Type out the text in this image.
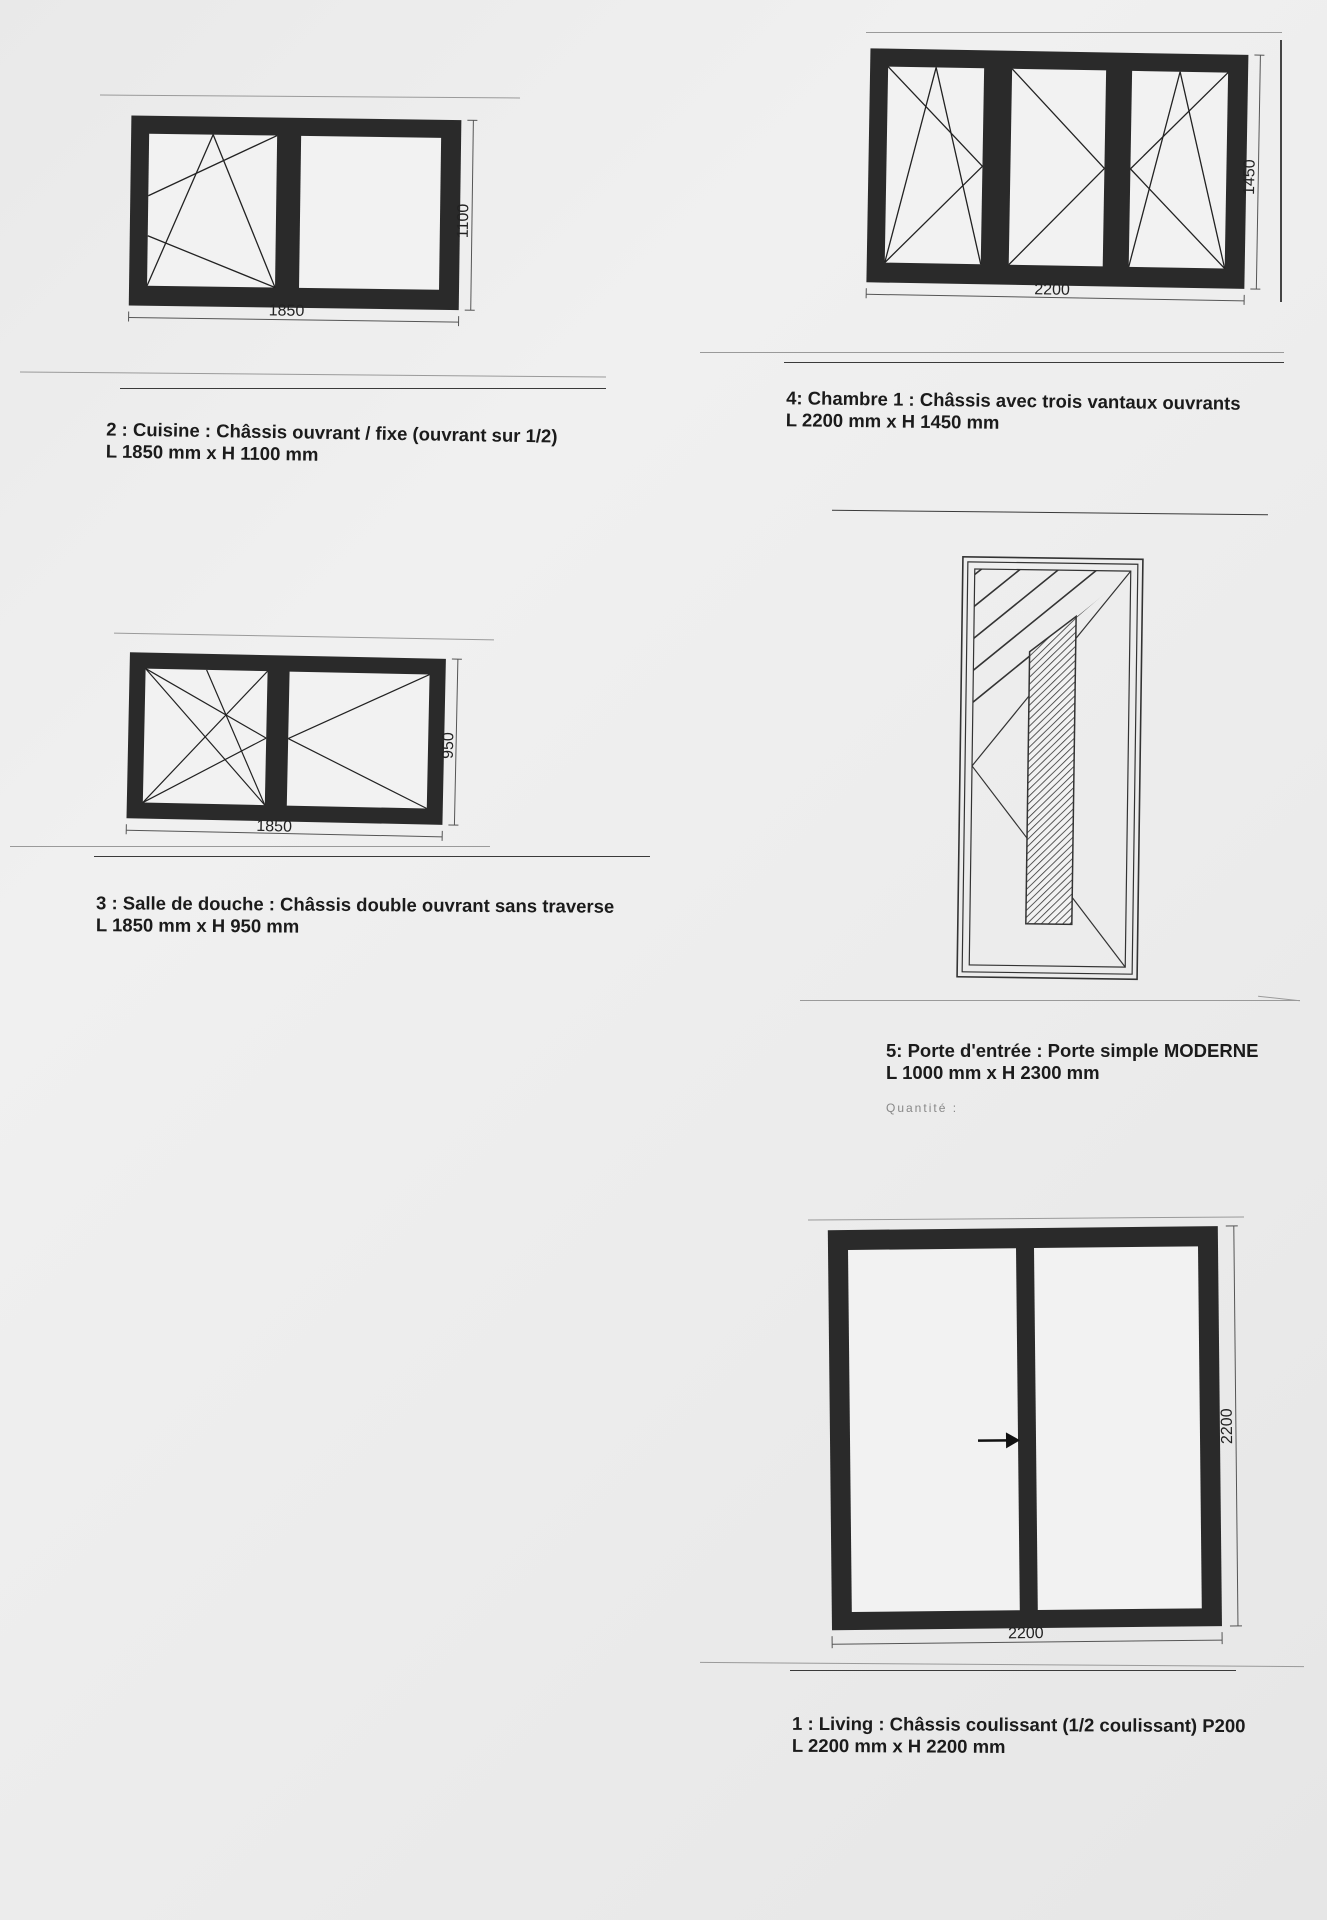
1850
1100
2 : Cuisine : Châssis ouvrant / fixe (ouvrant sur 1/2)
L 1850 mm x H 1100 mm
2200
1450
4: Chambre 1 : Châssis avec trois vantaux ouvrants
L 2200 mm x H 1450 mm
1850
950
3 : Salle de douche : Châssis double ouvrant sans traverse
L 1850 mm x H 950 mm
5: Porte d'entrée : Porte simple MODERNE
L 1000 mm x H 2300 mm
Quantité :
2200
2200
1 : Living : Châssis coulissant (1/2 coulissant) P200
L 2200 mm x H 2200 mm
